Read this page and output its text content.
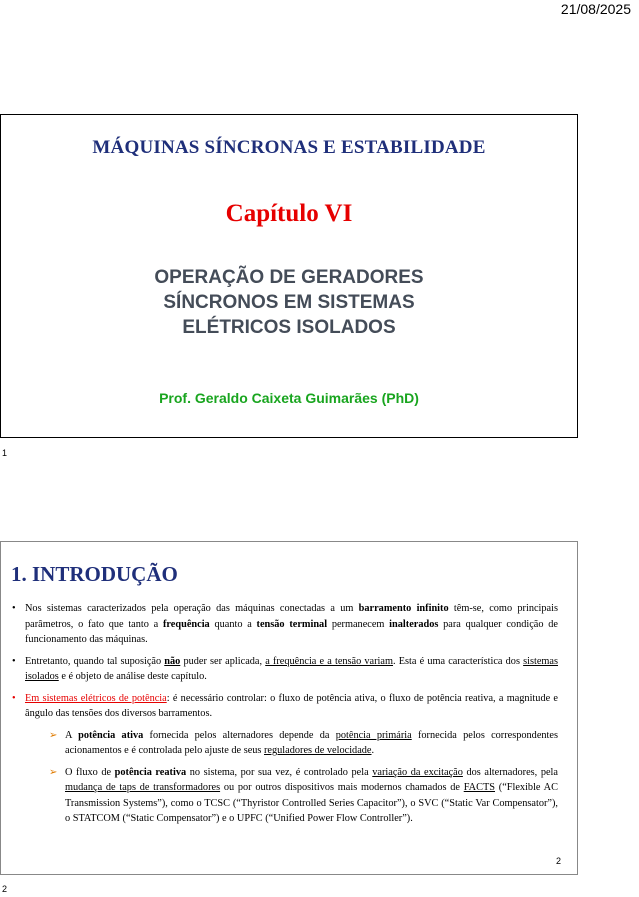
21/08/2025
MÁQUINAS SÍNCRONAS E ESTABILIDADE
Capítulo VI
OPERAÇÃO DE GERADORES
SÍNCRONOS EM SISTEMAS
ELÉTRICOS ISOLADOS
Prof. Geraldo Caixeta Guimarães (PhD)
1
1. INTRODUÇÃO

• Nos sistemas caracterizados pela operação das máquinas conectadas a um barramento infinito têm-se, como principais parâmetros, o fato que tanto a frequência quanto a tensão terminal permanecem inalterados para qualquer condição de funcionamento das máquinas.

• Entretanto, quando tal suposição não puder ser aplicada, a frequência e a tensão variam. Esta é uma característica dos sistemas isolados e é objeto de análise deste capítulo.

• Em sistemas elétricos de potência: é necessário controlar: o fluxo de potência ativa, o fluxo de potência reativa, a magnitude e ângulo das tensões dos diversos barramentos.

➢ A potência ativa fornecida pelos alternadores depende da potência primária fornecida pelos correspondentes acionamentos e é controlada pelo ajuste de seus reguladores de velocidade.

➢ O fluxo de potência reativa no sistema, por sua vez, é controlado pela variação da excitação dos alternadores, pela mudança de taps de transformadores ou por outros dispositivos mais modernos chamados de FACTS (“Flexible AC Transmission Systems”), como o TCSC (“Thyristor Controlled Series Capacitor”), o SVC (“Static Var Compensator”), o STATCOM (“Static Compensator”) e o UPFC (“Unified Power Flow Controller”).

2
2
